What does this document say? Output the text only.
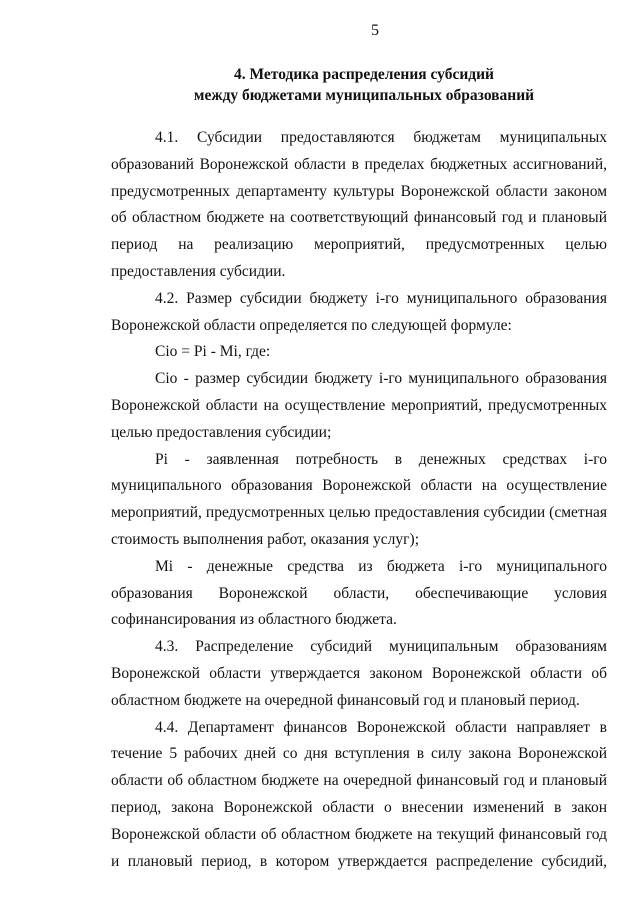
5
4. Методика распределения субсидий
между бюджетами муниципальных образований

4.1. Субсидии предоставляются бюджетам муниципальных образований Воронежской области в пределах бюджетных ассигнований, предусмотренных департаменту культуры Воронежской области законом об областном бюджете на соответствующий финансовый год и плановый период на реализацию мероприятий, предусмотренных целью предоставления субсидии.

4.2. Размер субсидии бюджету і-го муниципального образования Воронежской области определяется по следующей формуле:

Ciо = Pi - Mi, где:

Ciо - размер субсидии бюджету і-го муниципального образования Воронежской области на осуществление мероприятий, предусмотренных целью предоставления субсидии;

Pi - заявленная потребность в денежных средствах і-го муниципального образования Воронежской области на осуществление мероприятий, предусмотренных целью предоставления субсидии (сметная стоимость выполнения работ, оказания услуг);

Mi - денежные средства из бюджета і-го муниципального образования Воронежской области, обеспечивающие условия софинансирования из областного бюджета.

4.3. Распределение субсидий муниципальным образованиям Воронежской области утверждается законом Воронежской области об областном бюджете на очередной финансовый год и плановый период.

4.4. Департамент финансов Воронежской области направляет в течение 5 рабочих дней со дня вступления в силу закона Воронежской области об областном бюджете на очередной финансовый год и плановый период, закона Воронежской области о внесении изменений в закон Воронежской области об областном бюджете на текущий финансовый год и плановый период, в котором утверждается распределение субсидий,
